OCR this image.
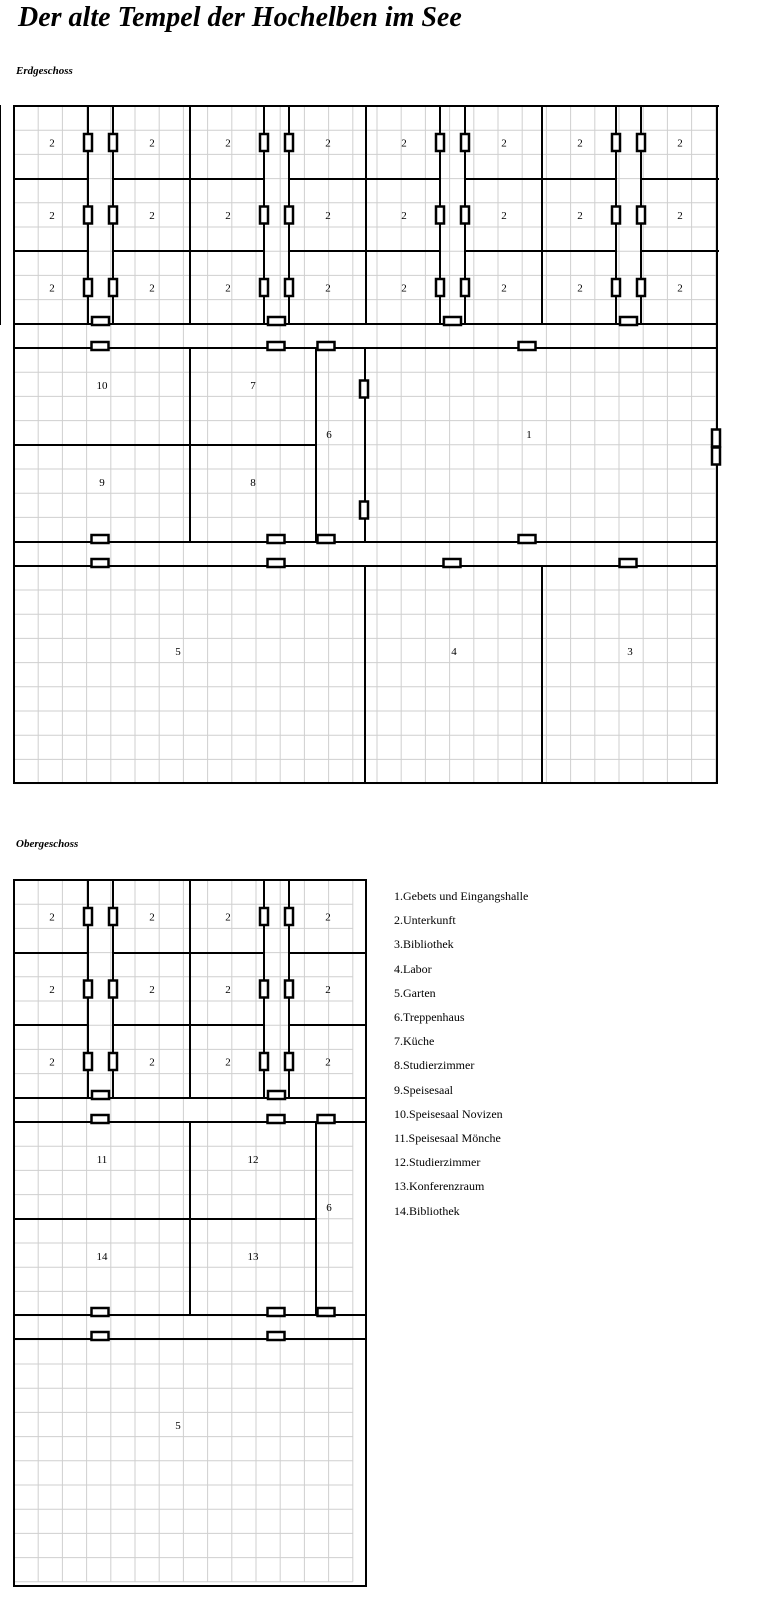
Der alte Tempel der Hochelben im See
Erdgeschoss
Obergeschoss
2	2	2	2	2	2	2	2
2	2	2	2	2	2	2	2
2	2	2	2	2	2	2	2
10	7
6	1
9	8
5	4	3
2	2	2	2
2	2	2	2
2	2	2	2
11	12
6
14	13
5
1.Gebets und Eingangshalle
2.Unterkunft
3.Bibliothek
4.Labor
5.Garten
6.Treppenhaus
7.Küche
8.Studierzimmer
9.Speisesaal
10.Speisesaal Novizen
11.Speisesaal Mönche
12.Studierzimmer
13.Konferenzraum
14.Bibliothek
